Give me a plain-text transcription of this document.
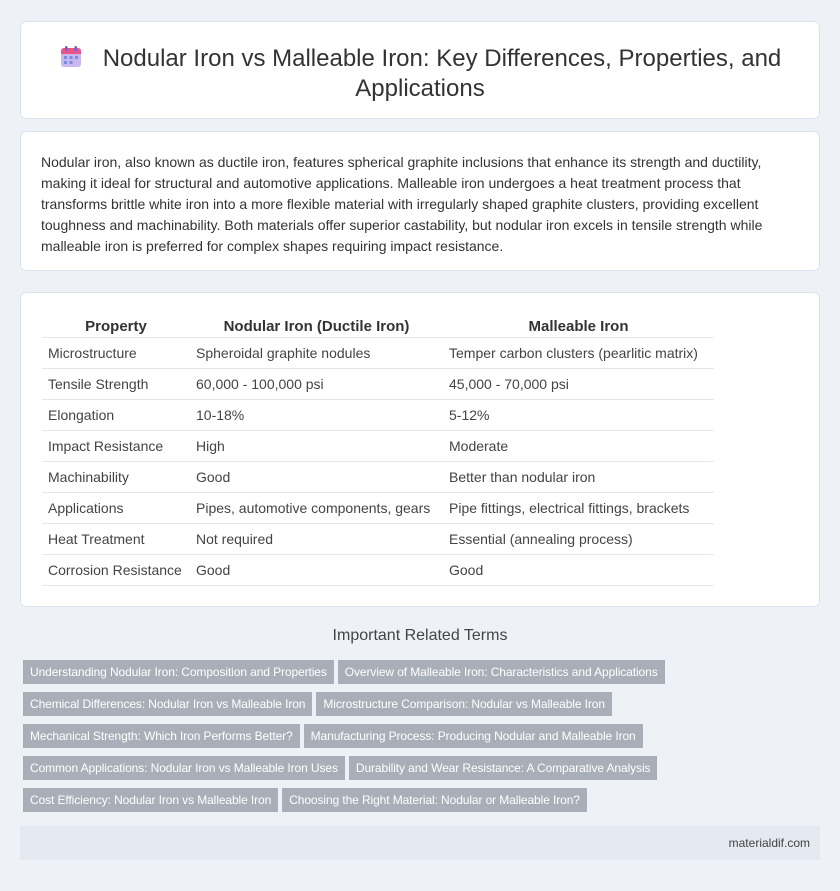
Nodular Iron vs Malleable Iron: Key Differences, Properties, and Applications

Nodular iron, also known as ductile iron, features spherical graphite inclusions that enhance its strength and ductility, making it ideal for structural and automotive applications. Malleable iron undergoes a heat treatment process that transforms brittle white iron into a more flexible material with irregularly shaped graphite clusters, providing excellent toughness and machinability. Both materials offer superior castability, but nodular iron excels in tensile strength while malleable iron is preferred for complex shapes requiring impact resistance.

Property	Nodular Iron (Ductile Iron)	Malleable Iron
Microstructure	Spheroidal graphite nodules	Temper carbon clusters (pearlitic matrix)
Tensile Strength	60,000 - 100,000 psi	45,000 - 70,000 psi
Elongation	10-18%	5-12%
Impact Resistance	High	Moderate
Machinability	Good	Better than nodular iron
Applications	Pipes, automotive components, gears	Pipe fittings, electrical fittings, brackets
Heat Treatment	Not required	Essential (annealing process)
Corrosion Resistance	Good	Good
Important Related Terms
Understanding Nodular Iron: Composition and Properties Overview of Malleable Iron: Characteristics and Applications
Chemical Differences: Nodular Iron vs Malleable Iron Microstructure Comparison: Nodular vs Malleable Iron
Mechanical Strength: Which Iron Performs Better? Manufacturing Process: Producing Nodular and Malleable Iron
Common Applications: Nodular Iron vs Malleable Iron Uses Durability and Wear Resistance: A Comparative Analysis
Cost Efficiency: Nodular Iron vs Malleable Iron Choosing the Right Material: Nodular or Malleable Iron?
materialdif.com
